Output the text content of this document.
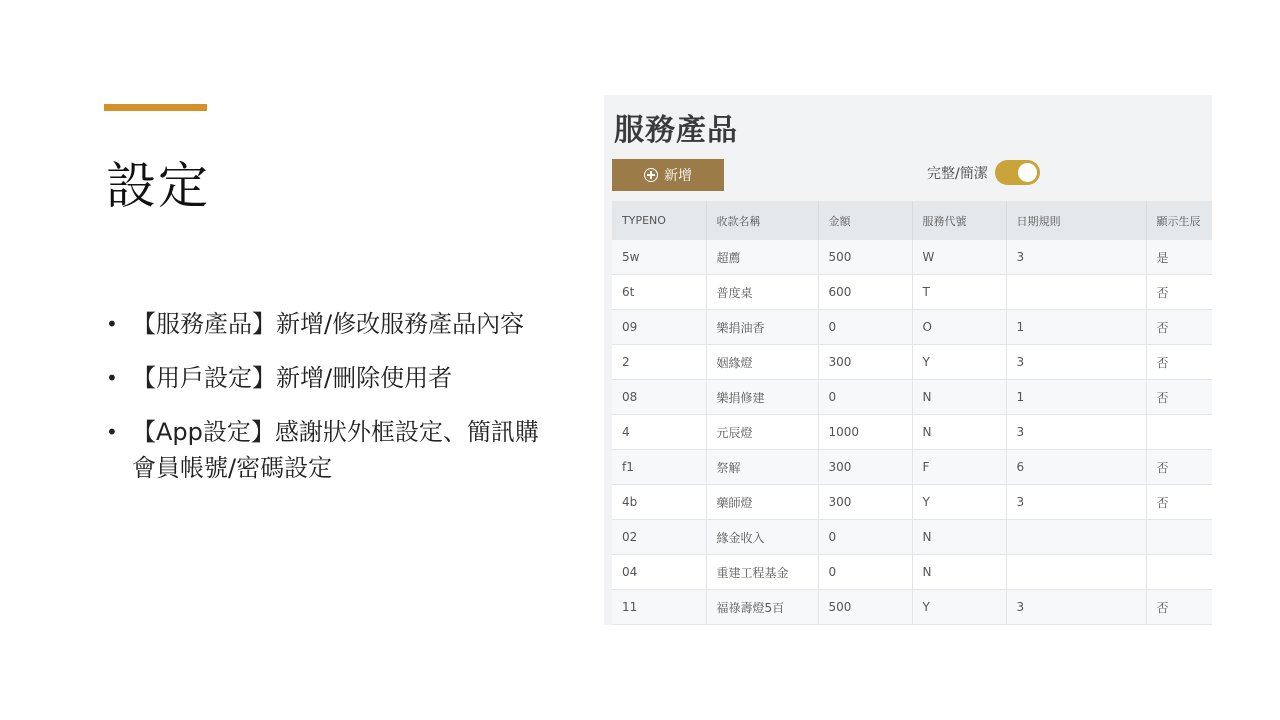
設定
• 【服務產品】新增/修改服務產品內容
• 【用戶設定】新增/刪除使用者
• 【App設定】感謝狀外框設定、簡訊購會員帳號/密碼設定
服務產品
新增	完整/簡潔
TYPENO	收款名稱	金額	服務代號	日期規則	顯示生辰
5w	超薦	500	W	3	是
6t	普度桌	600	T		否
09	樂捐油香	0	O	1	否
2	姻緣燈	300	Y	3	否
08	樂捐修建	0	N	1	否
4	元辰燈	1000	N	3	
f1	祭解	300	F	6	否
4b	藥師燈	300	Y	3	否
02	緣金收入	0	N		
04	重建工程基金	0	N		
11	福祿壽燈5百	500	Y	3	否
